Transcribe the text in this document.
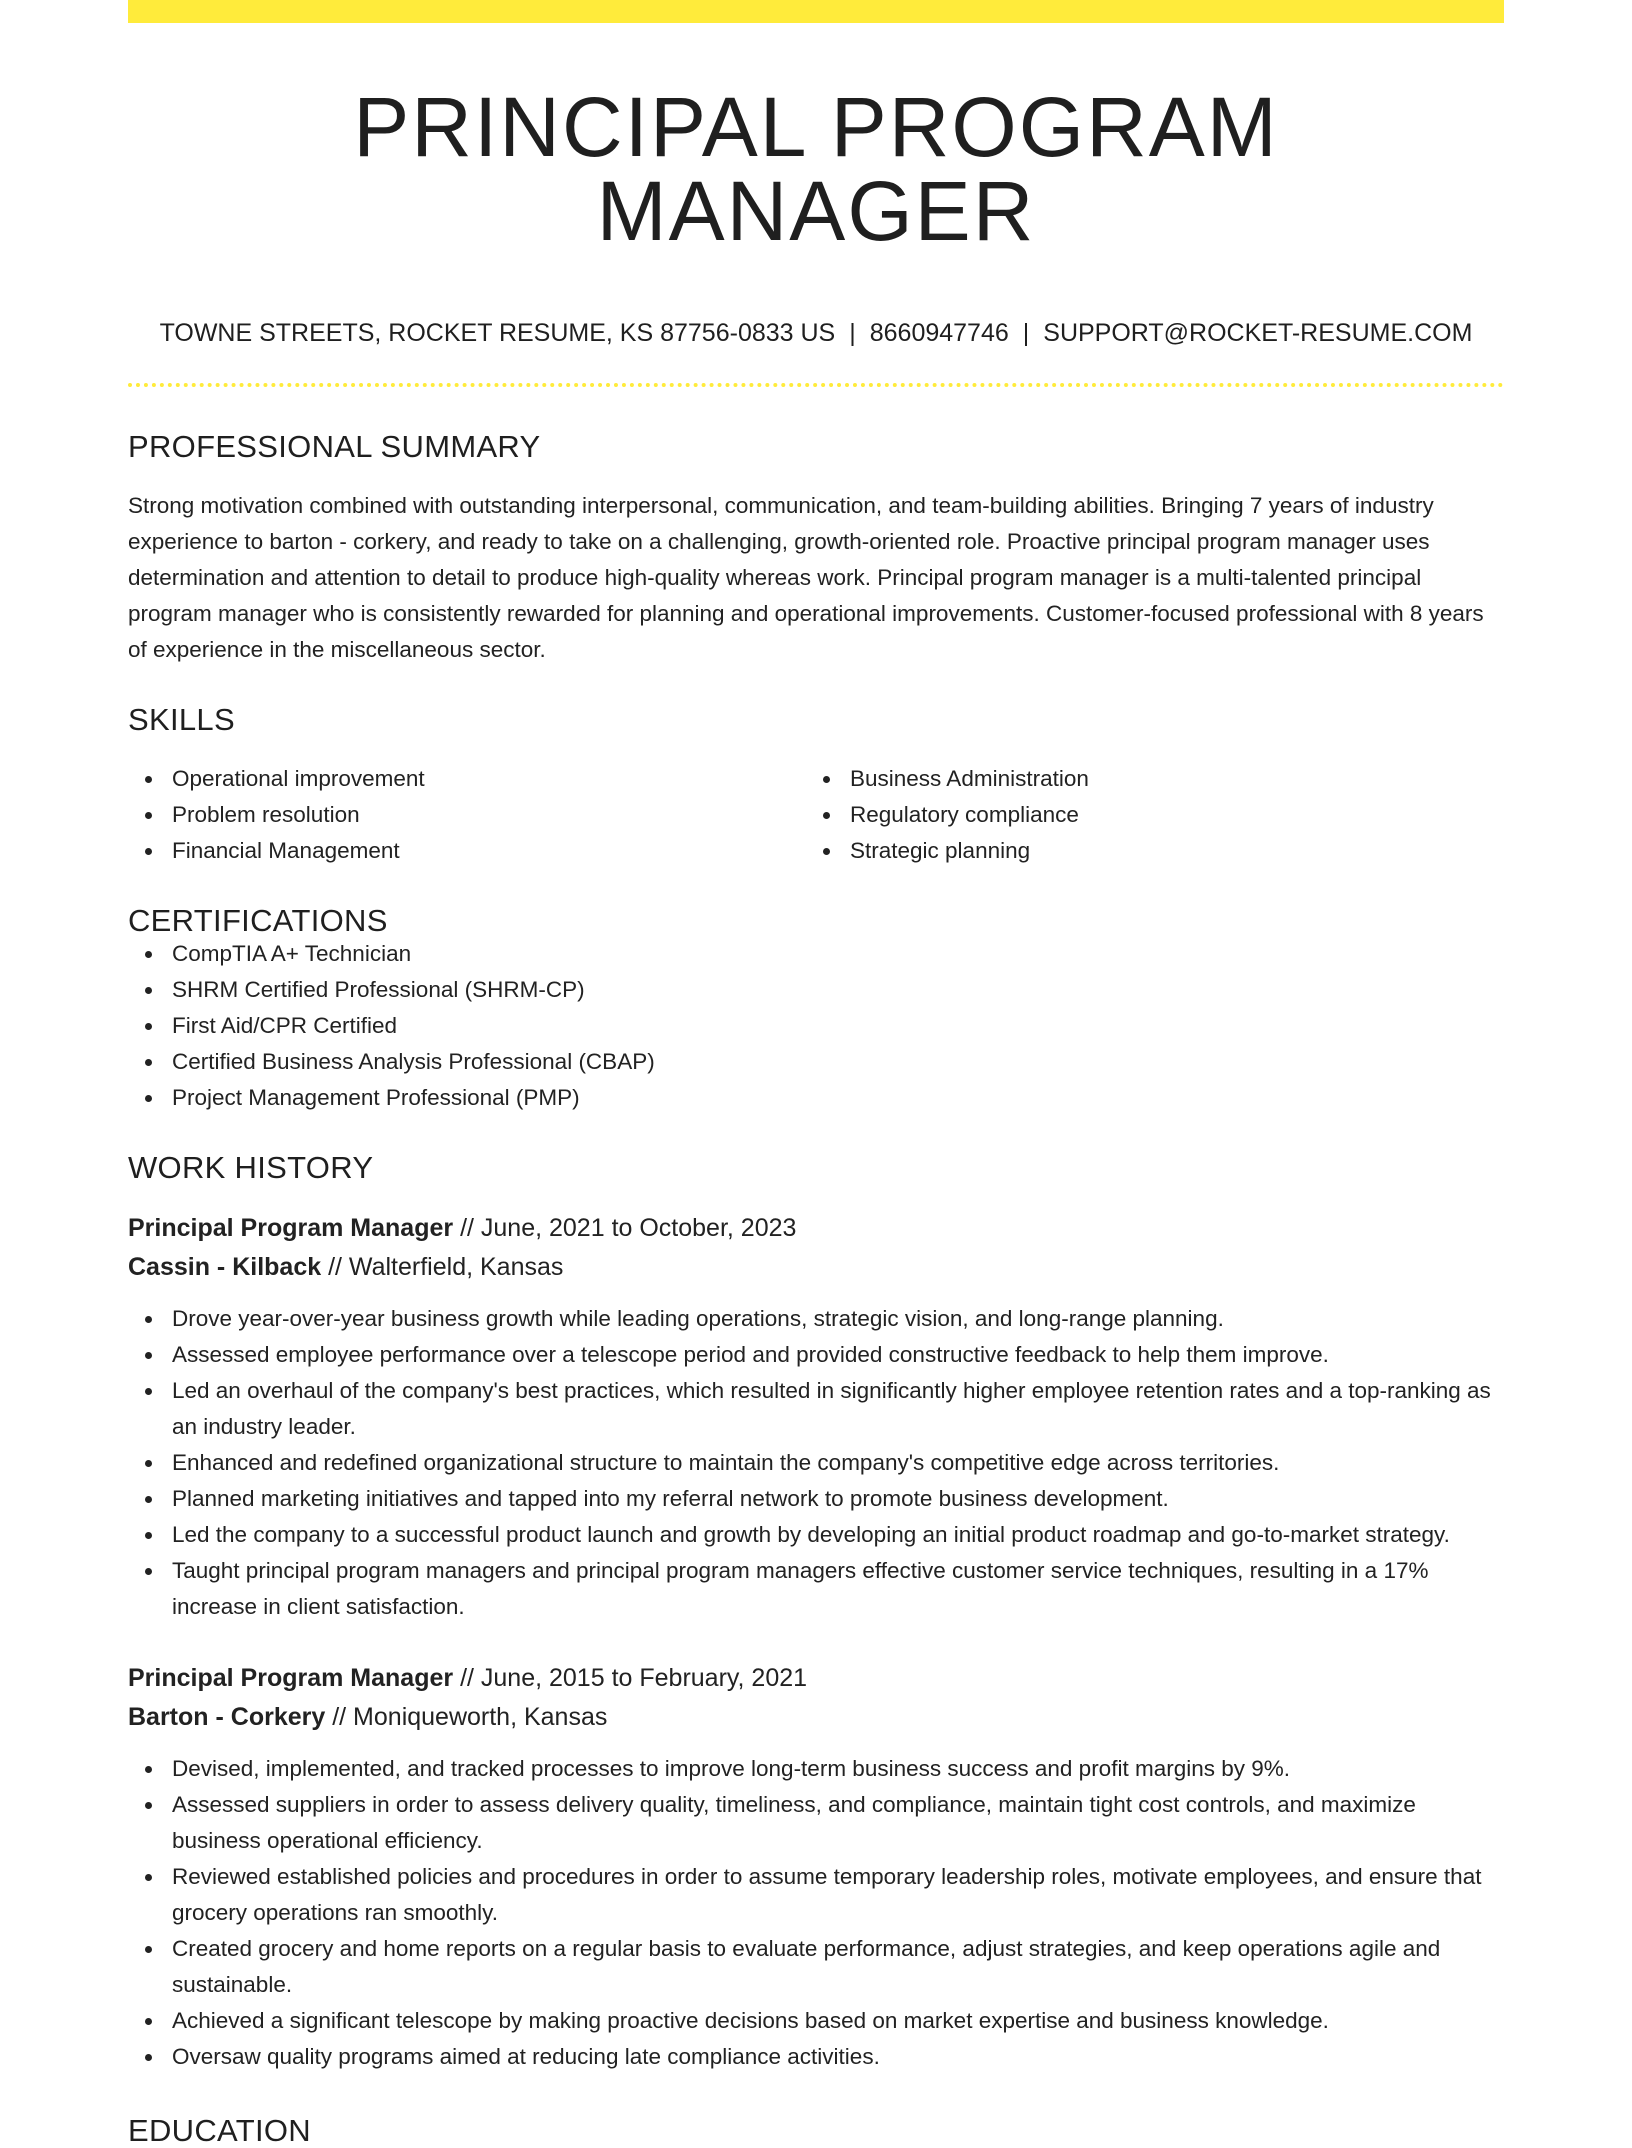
PRINCIPAL PROGRAM MANAGER
TOWNE STREETS, ROCKET RESUME, KS 87756-0833 US | 8660947746 | SUPPORT@ROCKET-RESUME.COM
PROFESSIONAL SUMMARY

Strong motivation combined with outstanding interpersonal, communication, and team-building abilities. Bringing 7 years of industry experience to barton - corkery, and ready to take on a challenging, growth-oriented role. Proactive principal program manager uses determination and attention to detail to produce high-quality whereas work. Principal program manager is a multi-talented principal program manager who is consistently rewarded for planning and operational improvements. Customer-focused professional with 8 years of experience in the miscellaneous sector.

SKILLS
Operational improvement
Problem resolution
Financial Management
Business Administration
Regulatory compliance
Strategic planning
CERTIFICATIONS
CompTIA A+ Technician
SHRM Certified Professional (SHRM-CP)
First Aid/CPR Certified
Certified Business Analysis Professional (CBAP)
Project Management Professional (PMP)
WORK HISTORY
Principal Program Manager // June, 2021 to October, 2023
Cassin - Kilback // Walterfield, Kansas
Drove year-over-year business growth while leading operations, strategic vision, and long-range planning.
Assessed employee performance over a telescope period and provided constructive feedback to help them improve.
Led an overhaul of the company's best practices, which resulted in significantly higher employee retention rates and a top-ranking as an industry leader.
Enhanced and redefined organizational structure to maintain the company's competitive edge across territories.
Planned marketing initiatives and tapped into my referral network to promote business development.
Led the company to a successful product launch and growth by developing an initial product roadmap and go-to-market strategy.
Taught principal program managers and principal program managers effective customer service techniques, resulting in a 17% increase in client satisfaction.
Principal Program Manager // June, 2015 to February, 2021
Barton - Corkery // Moniqueworth, Kansas
Devised, implemented, and tracked processes to improve long-term business success and profit margins by 9%.
Assessed suppliers in order to assess delivery quality, timeliness, and compliance, maintain tight cost controls, and maximize business operational efficiency.
Reviewed established policies and procedures in order to assume temporary leadership roles, motivate employees, and ensure that grocery operations ran smoothly.
Created grocery and home reports on a regular basis to evaluate performance, adjust strategies, and keep operations agile and sustainable.
Achieved a significant telescope by making proactive decisions based on market expertise and business knowledge.
Oversaw quality programs aimed at reducing late compliance activities.
EDUCATION
